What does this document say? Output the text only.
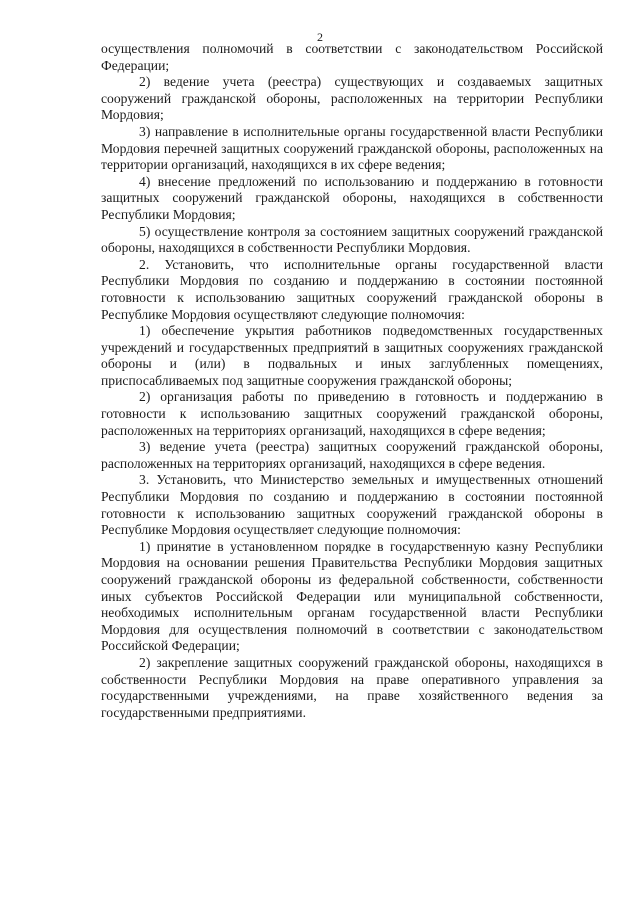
2

осуществления полномочий в соответствии с законодательством Российской Федерации;

2) ведение учета (реестра) существующих и создаваемых защитных сооружений гражданской обороны, расположенных на территории Республики Мордовия;

3) направление в исполнительные органы государственной власти Республики Мордовия перечней защитных сооружений гражданской обороны, расположенных на территории организаций, находящихся в их сфере ведения;

4) внесение предложений по использованию и поддержанию в готовности защитных сооружений гражданской обороны, находящихся в собственности Республики Мордовия;

5) осуществление контроля за состоянием защитных сооружений гражданской обороны, находящихся в собственности Республики Мордовия.

2. Установить, что исполнительные органы государственной власти Республики Мордовия по созданию и поддержанию в состоянии постоянной готовности к использованию защитных сооружений гражданской обороны в Республике Мордовия осуществляют следующие полномочия:

1) обеспечение укрытия работников подведомственных государственных учреждений и государственных предприятий в защитных сооружениях гражданской обороны и (или) в подвальных и иных заглубленных помещениях, приспосабливаемых под защитные сооружения гражданской обороны;

2) организация работы по приведению в готовность и поддержанию в готовности к использованию защитных сооружений гражданской обороны, расположенных на территориях организаций, находящихся в сфере ведения;

3) ведение учета (реестра) защитных сооружений гражданской обороны, расположенных на территориях организаций, находящихся в сфере ведения.

3. Установить, что Министерство земельных и имущественных отношений Республики Мордовия по созданию и поддержанию в состоянии постоянной готовности к использованию защитных сооружений гражданской обороны в Республике Мордовия осуществляет следующие полномочия:

1) принятие в установленном порядке в государственную казну Республики Мордовия на основании решения Правительства Республики Мордовия защитных сооружений гражданской обороны из федеральной собственности, собственности иных субъектов Российской Федерации или муниципальной собственности, необходимых исполнительным органам государственной власти Республики Мордовия для осуществления полномочий в соответствии с законодательством Российской Федерации;

2) закрепление защитных сооружений гражданской обороны, находящихся в собственности Республики Мордовия на праве оперативного управления за государственными учреждениями, на праве хозяйственного ведения за государственными предприятиями.
